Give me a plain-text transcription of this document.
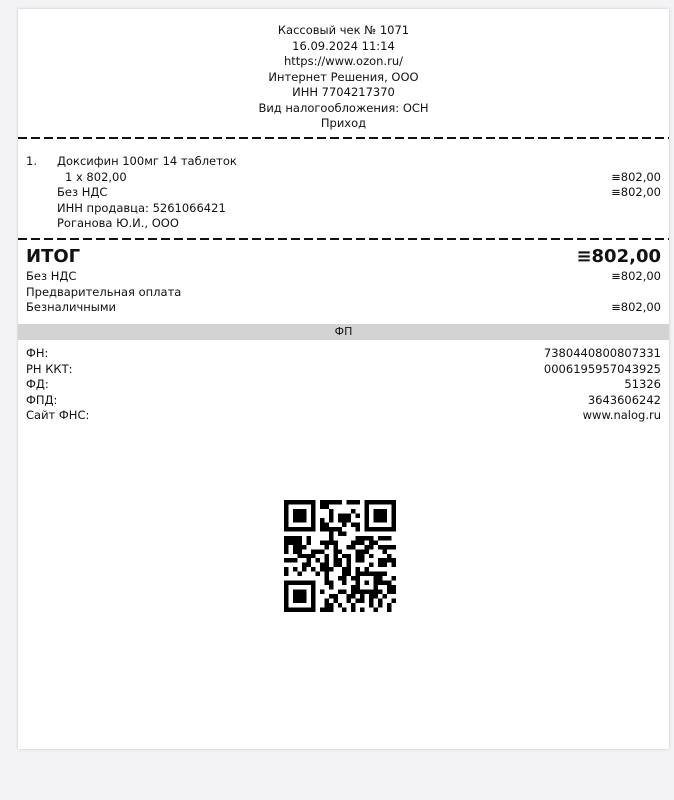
Кассовый чек № 1071
16.09.2024 11:14
https://www.ozon.ru/
Интернет Решения, ООО
ИНН 7704217370
Вид налогообложения: ОСН
Приход
1. Доксифин 100мг 14 таблеток
1 x 802,00	≡802,00
Без НДС	≡802,00
ИНН продавца: 5261066421
Роганова Ю.И., ООО
ИТОГ	≡802,00
Без НДС	≡802,00
Предварительная оплата
Безналичными	≡802,00
ФП
ФН:	7380440800807331
РН ККТ:	0006195957043925
ФД:	51326
ФПД:	3643606242
Сайт ФНС:	www.nalog.ru
